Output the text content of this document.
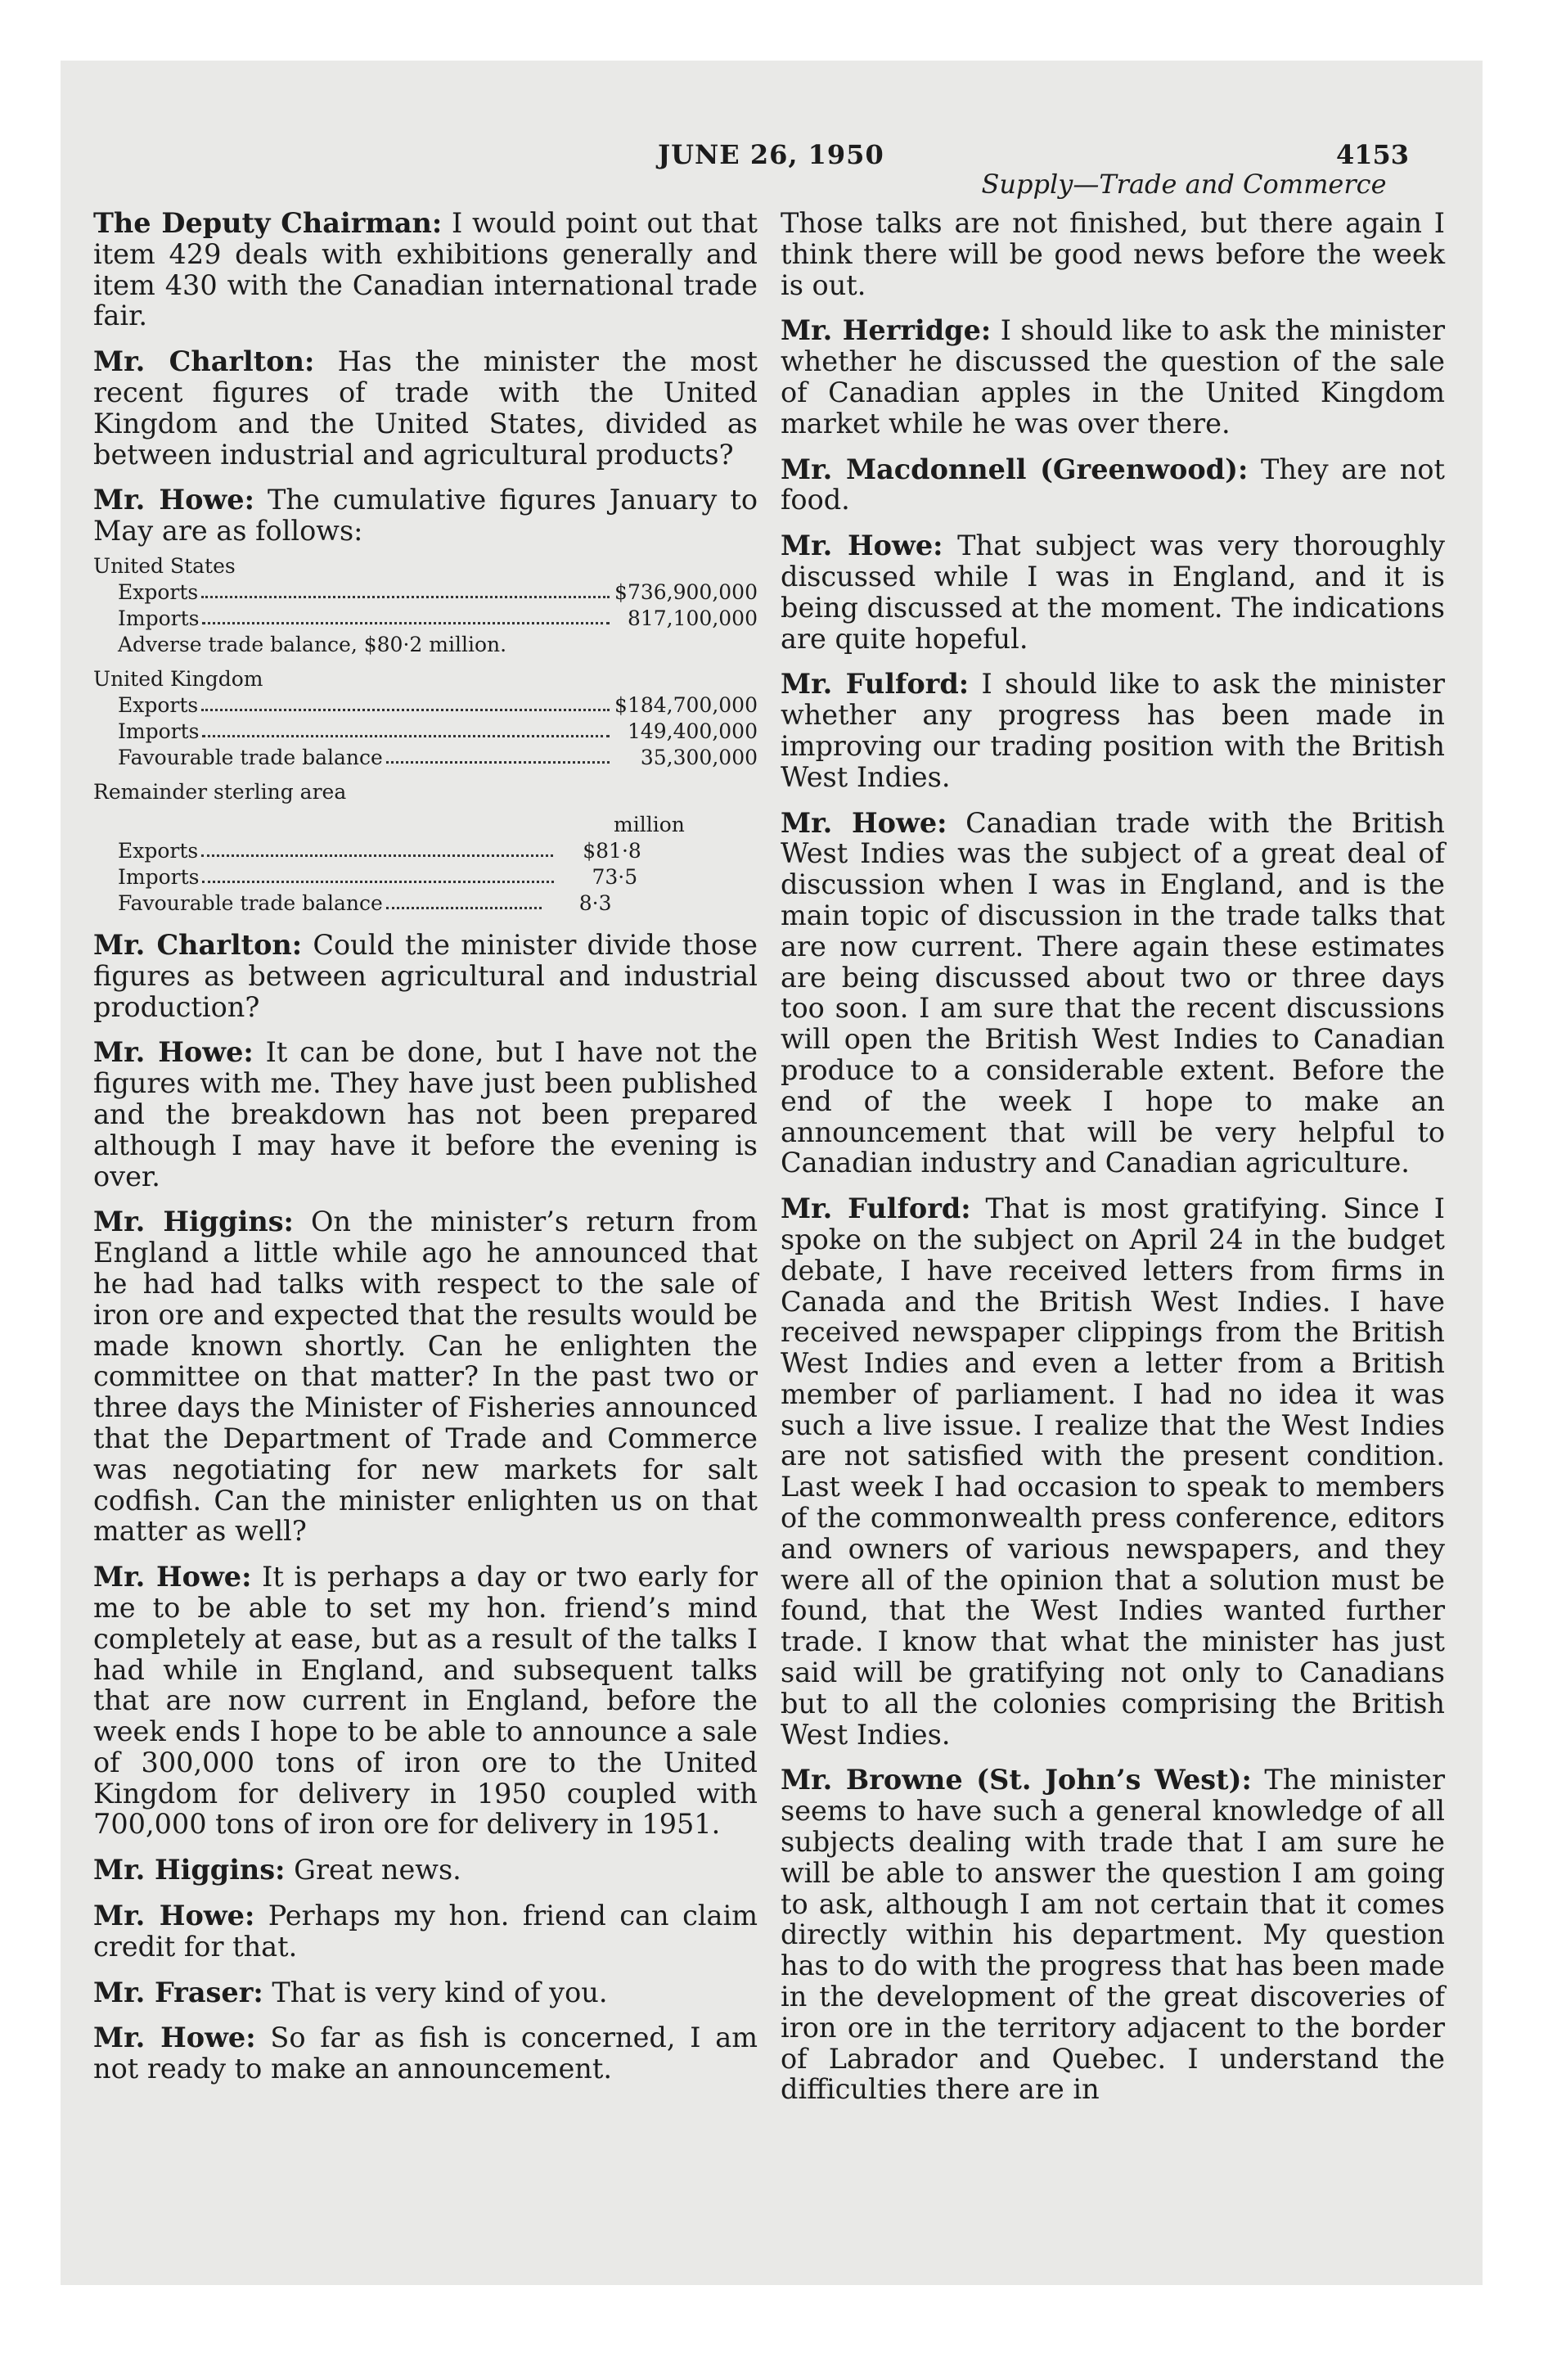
JUNE 26, 1950	4153
Supply—Trade and Commerce

The Deputy Chairman: I would point out that item 429 deals with exhibitions generally and item 430 with the Canadian international trade fair.

Mr. Charlton: Has the minister the most recent figures of trade with the United Kingdom and the United States, divided as between industrial and agricultural products?

Mr. Howe: The cumulative figures January to May are as follows:

United States
Exports	$736,900,000
Imports	817,100,000
Adverse trade balance, $80·2 million.
United Kingdom
Exports	$184,700,000
Imports	149,400,000
Favourable trade balance	35,300,000
Remainder sterling area
million
Exports	$81·8
Imports	73·5
Favourable trade balance	8·3

Mr. Charlton: Could the minister divide those figures as between agricultural and industrial production?

Mr. Howe: It can be done, but I have not the figures with me. They have just been published and the breakdown has not been prepared although I may have it before the evening is over.

Mr. Higgins: On the minister’s return from England a little while ago he announced that he had had talks with respect to the sale of iron ore and expected that the results would be made known shortly. Can he enlighten the committee on that matter? In the past two or three days the Minister of Fisheries announced that the Department of Trade and Commerce was negotiating for new markets for salt codfish. Can the minister enlighten us on that matter as well?

Mr. Howe: It is perhaps a day or two early for me to be able to set my hon. friend’s mind completely at ease, but as a result of the talks I had while in England, and subsequent talks that are now current in England, before the week ends I hope to be able to announce a sale of 300,000 tons of iron ore to the United Kingdom for delivery in 1950 coupled with 700,000 tons of iron ore for delivery in 1951.

Mr. Higgins: Great news.

Mr. Howe: Perhaps my hon. friend can claim credit for that.

Mr. Fraser: That is very kind of you.

Mr. Howe: So far as fish is concerned, I am not ready to make an announcement.

Those talks are not finished, but there again I think there will be good news before the week is out.

Mr. Herridge: I should like to ask the minister whether he discussed the question of the sale of Canadian apples in the United Kingdom market while he was over there.

Mr. Macdonnell (Greenwood): They are not food.

Mr. Howe: That subject was very thoroughly discussed while I was in England, and it is being discussed at the moment. The indications are quite hopeful.

Mr. Fulford: I should like to ask the minister whether any progress has been made in improving our trading position with the British West Indies.

Mr. Howe: Canadian trade with the British West Indies was the subject of a great deal of discussion when I was in England, and is the main topic of discussion in the trade talks that are now current. There again these estimates are being discussed about two or three days too soon. I am sure that the recent discussions will open the British West Indies to Canadian produce to a considerable extent. Before the end of the week I hope to make an announcement that will be very helpful to Canadian industry and Canadian agriculture.

Mr. Fulford: That is most gratifying. Since I spoke on the subject on April 24 in the budget debate, I have received letters from firms in Canada and the British West Indies. I have received newspaper clippings from the British West Indies and even a letter from a British member of parliament. I had no idea it was such a live issue. I realize that the West Indies are not satisfied with the present condition. Last week I had occasion to speak to members of the commonwealth press conference, editors and owners of various newspapers, and they were all of the opinion that a solution must be found, that the West Indies wanted further trade. I know that what the minister has just said will be gratifying not only to Canadians but to all the colonies comprising the British West Indies.

Mr. Browne (St. John’s West): The minister seems to have such a general knowledge of all subjects dealing with trade that I am sure he will be able to answer the question I am going to ask, although I am not certain that it comes directly within his department. My question has to do with the progress that has been made in the development of the great discoveries of iron ore in the territory adjacent to the border of Labrador and Quebec. I understand the difficulties there are in
